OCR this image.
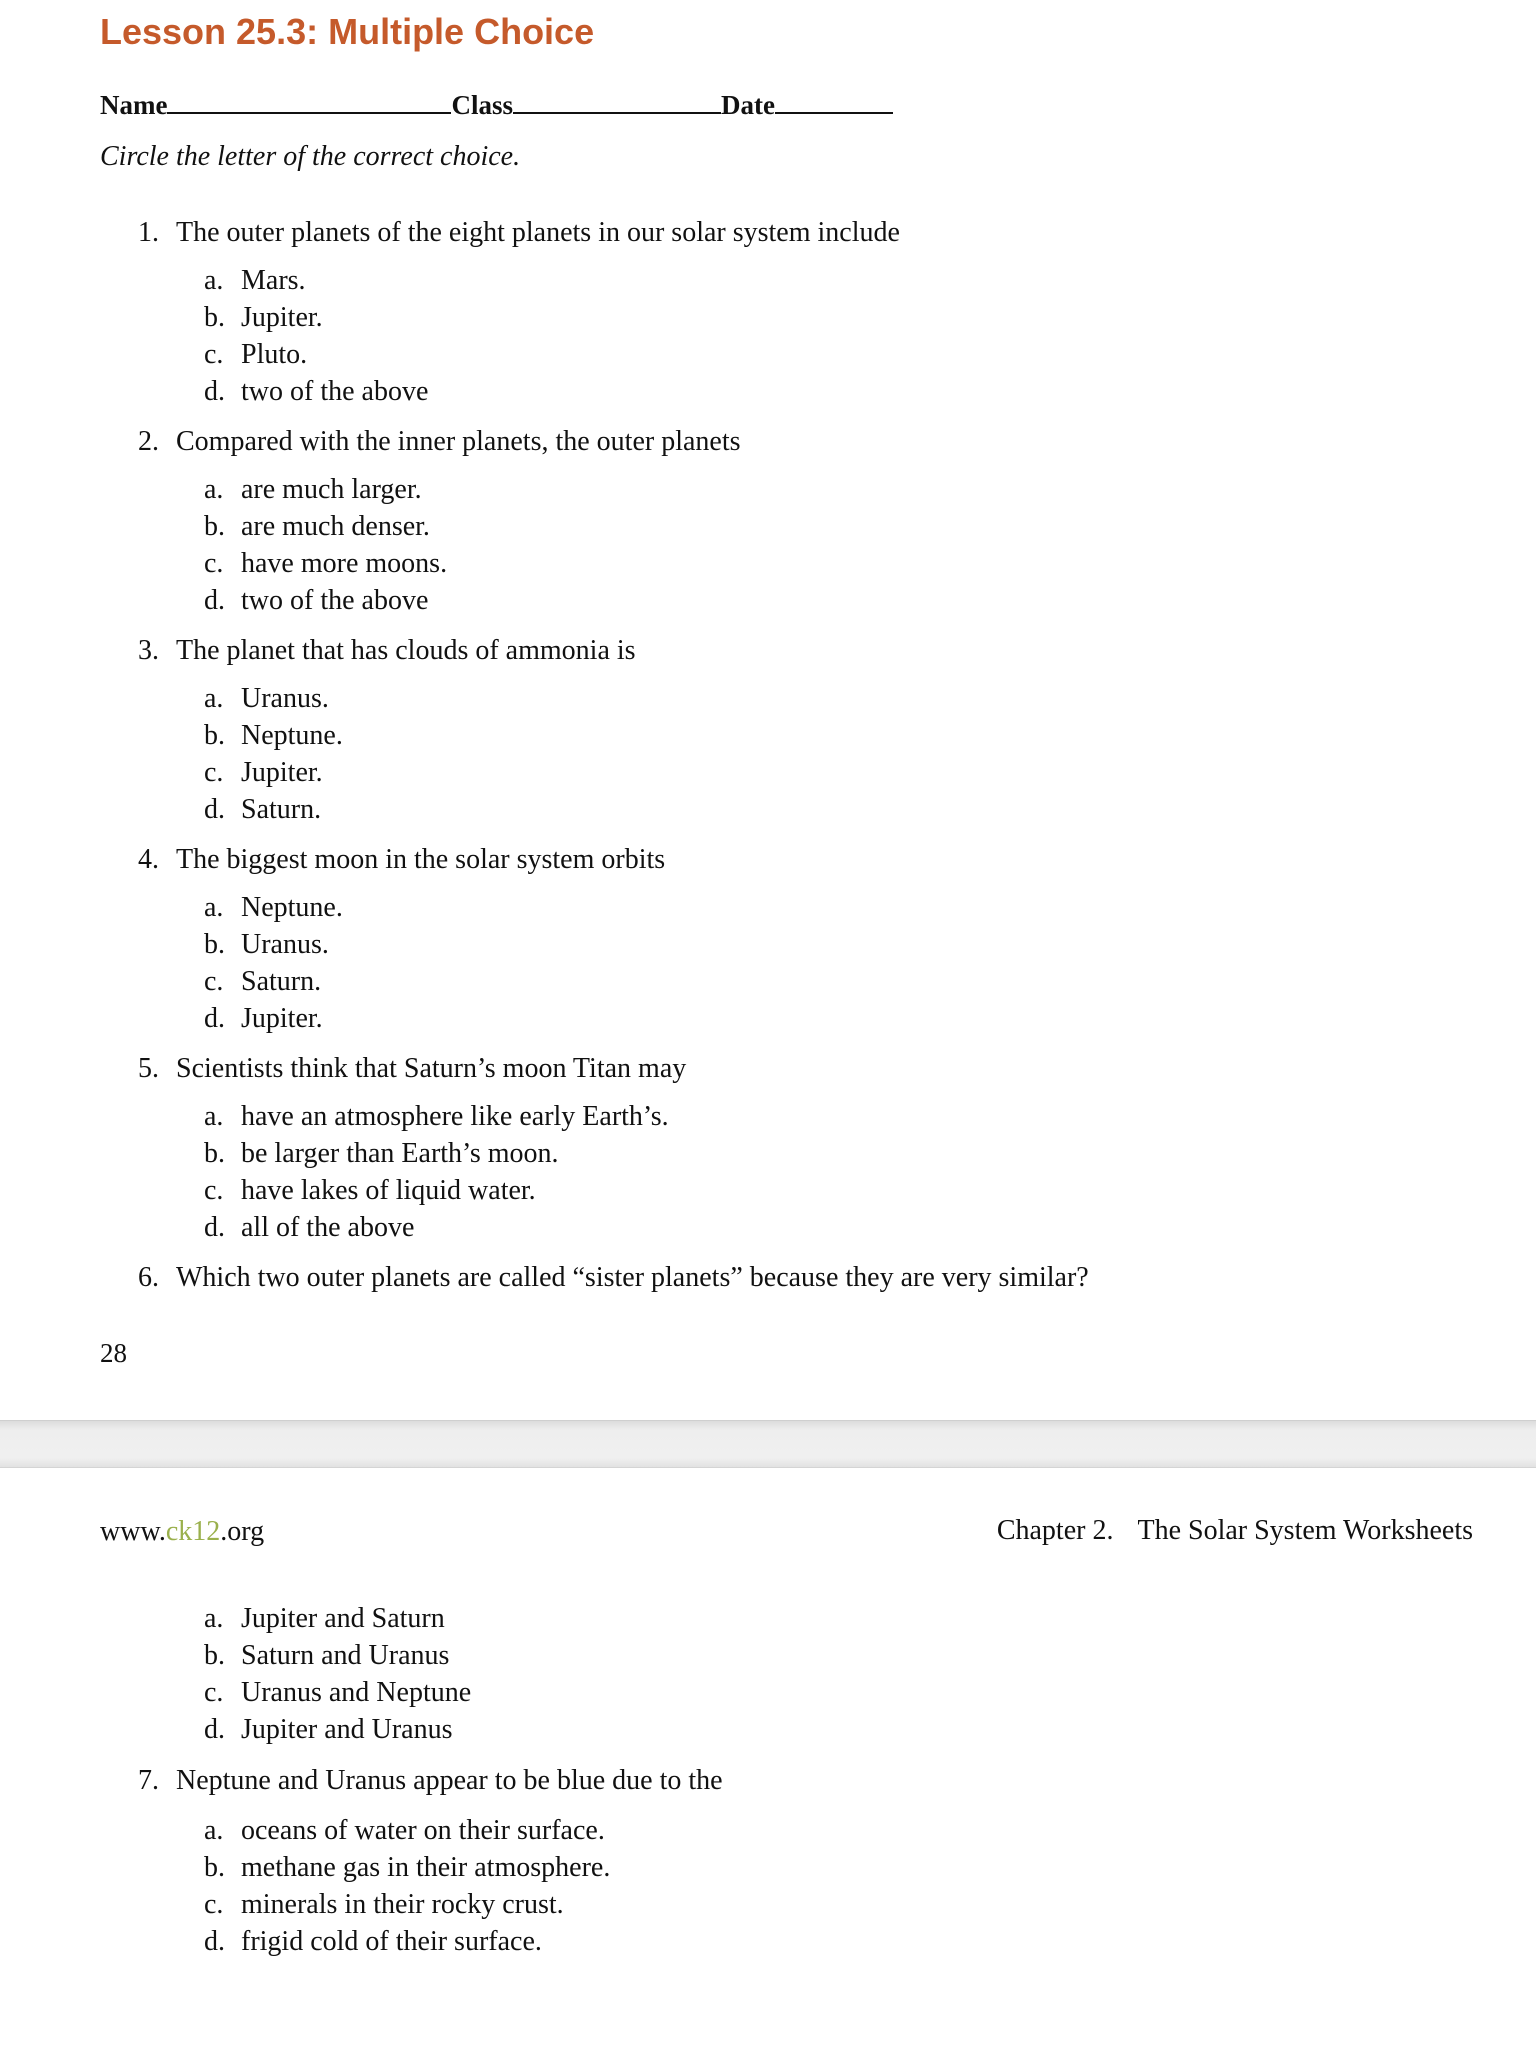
Lesson 25.3: Multiple Choice
Name	Class	Date
Circle the letter of the correct choice.
1. The outer planets of the eight planets in our solar system include
a. Mars.
b. Jupiter.
c. Pluto.
d. two of the above
2. Compared with the inner planets, the outer planets
a. are much larger.
b. are much denser.
c. have more moons.
d. two of the above
3. The planet that has clouds of ammonia is
a. Uranus.
b. Neptune.
c. Jupiter.
d. Saturn.
4. The biggest moon in the solar system orbits
a. Neptune.
b. Uranus.
c. Saturn.
d. Jupiter.
5. Scientists think that Saturn’s moon Titan may
a. have an atmosphere like early Earth’s.
b. be larger than Earth’s moon.
c. have lakes of liquid water.
d. all of the above
6. Which two outer planets are called “sister planets” because they are very similar?
28
www.ck12.org	Chapter 2. The Solar System Worksheets
a. Jupiter and Saturn
b. Saturn and Uranus
c. Uranus and Neptune
d. Jupiter and Uranus
7. Neptune and Uranus appear to be blue due to the
a. oceans of water on their surface.
b. methane gas in their atmosphere.
c. minerals in their rocky crust.
d. frigid cold of their surface.
